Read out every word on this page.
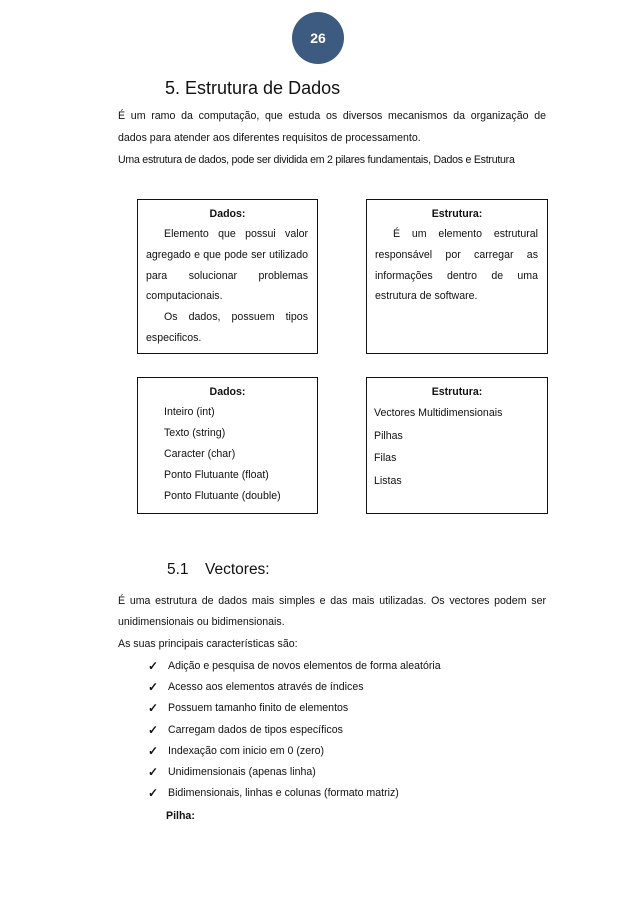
26
5. Estrutura de Dados
É um ramo da computação, que estuda os diversos mecanismos da organização de
dados para atender aos diferentes requisitos de processamento.
Uma estrutura de dados, pode ser dividida em 2 pilares fundamentais, Dados e Estrutura
Dados:
Elemento que possui valor agregado e que pode ser utilizado para solucionar problemas computacionais.
Os dados, possuem tipos especificos.
Estrutura:
É um elemento estrutural responsável por carregar as informações dentro de uma estrutura de software.
Dados:
Inteiro (int)
Texto (string)
Caracter (char)
Ponto Flutuante (float)
Ponto Flutuante (double)
Estrutura:
Vectores Multidimensionais
Pilhas
Filas
Listas
5.1 Vectores:
É uma estrutura de dados mais simples e das mais utilizadas. Os vectores podem ser
unidimensionais ou bidimensionais.
As suas principais características são:
✓ Adição e pesquisa de novos elementos de forma aleatória
✓ Acesso aos elementos através de índices
✓ Possuem tamanho finito de elementos
✓ Carregam dados de tipos específicos
✓ Indexação com inicio em 0 (zero)
✓ Unidimensionais (apenas linha)
✓ Bidimensionais, linhas e colunas (formato matriz)
Pilha:
